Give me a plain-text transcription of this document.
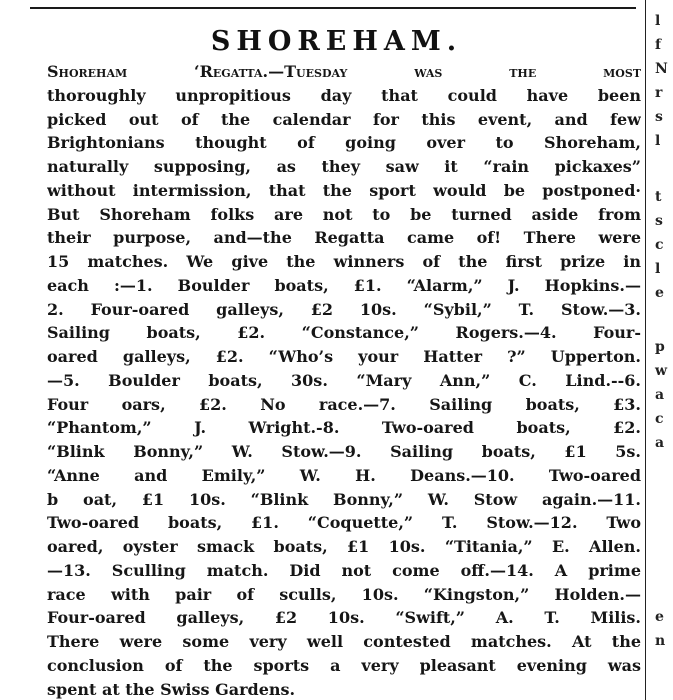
SHOREHAM.
Shoreham ‘Regatta.—Tuesday was the most
thoroughly unpropitious day that could have been
picked out of the calendar for this event, and few
Brightonians thought of going over to Shoreham,
naturally supposing, as they saw it “rain pickaxes”
without intermission, that the sport would be postponed·
But Shoreham folks are not to be turned aside from
their purpose, and—the Regatta came of! There were
15 matches. We give the winners of the first prize in
each :—1. Boulder boats, £1. “Alarm,” J. Hopkins.—
2. Four-oared galleys, £2 10s. “Sybil,” T. Stow.—3.
Sailing boats, £2. “Constance,” Rogers.—4. Four-
oared galleys, £2. “Who’s your Hatter ?” Upperton.
—5. Boulder boats, 30s. “Mary Ann,” C. Lind.--6.
Four oars, £2. No race.—7. Sailing boats, £3.
“Phantom,” J. Wright.-8. Two-oared boats, £2.
“Blink Bonny,” W. Stow.—9. Sailing boats, £1 5s.
“Anne and Emily,” W. H. Deans.—10. Two-oared
b oat, £1 10s. “Blink Bonny,” W. Stow again.—11.
Two-oared boats, £1. “Coquette,” T. Stow.—12. Two
oared, oyster smack boats, £1 10s. “Titania,” E. Allen.
—13. Sculling match. Did not come off.—14. A prime
race with pair of sculls, 10s. “Kingston,” Holden.—
Four-oared galleys, £2 10s. “Swift,” A. T. Milis.
There were some very well contested matches. At the
conclusion of the sports a very pleasant evening was
spent at the Swiss Gardens.
l
f
N
r
s
l
t
s
c
l
e
p
w
a
c
a
e
n
